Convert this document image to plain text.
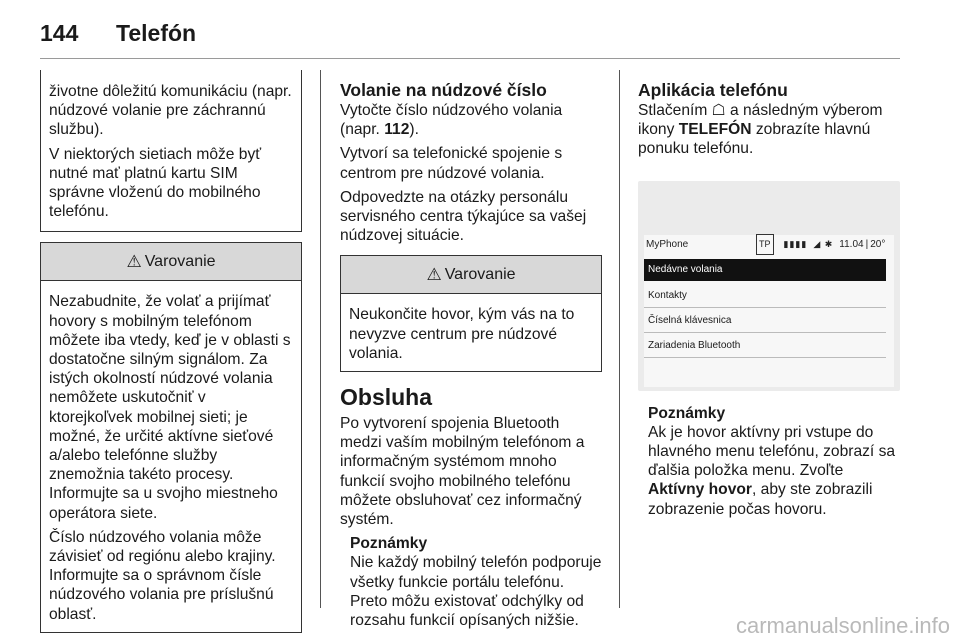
144	Telefón

životne dôležitú komunikáciu (napr. núdzové volanie pre záchrannú službu).

V niektorých sietiach môže byť nutné mať platnú kartu SIM správne vloženú do mobilného telefónu.

⚠ Varovanie

Nezabudnite, že volať a prijímať hovory s mobilným telefónom môžete iba vtedy, keď je v oblasti s dostatočne silným signálom. Za istých okolností núdzové volania nemôžete uskutočniť v ktorejkoľvek mobilnej sieti; je možné, že určité aktívne sieťové a/alebo telefónne služby znemožnia takéto procesy. Informujte sa u svojho miestneho operátora siete.

Číslo núdzového volania môže závisieť od regiónu alebo krajiny. Informujte sa o správnom čísle núdzového volania pre príslušnú oblasť.

Volanie na núdzové číslo

Vytočte číslo núdzového volania (napr. 112).

Vytvorí sa telefonické spojenie s centrom pre núdzové volania.

Odpovedzte na otázky personálu servisného centra týkajúce sa vašej núdzovej situácie.

⚠ Varovanie

Neukončite hovor, kým vás na to nevyzve centrum pre núdzové volania.

Obsluha

Po vytvorení spojenia Bluetooth medzi vaším mobilným telefónom a informačným systémom mnoho funkcií svojho mobilného telefónu môžete obsluhovať cez informačný systém.

Poznámky
Nie každý mobilný telefón podporuje všetky funkcie portálu telefónu. Preto môžu existovať odchýlky od rozsahu funkcií opísaných nižšie.
Aplikácia telefónu

Stlačením ☖ a následným výberom ikony TELEFÓN zobrazíte hlavnú ponuku telefónu.

MyPhone	TP	▮▮▮▮ ◢ ✱ 11.04 | 20°
Nedávne volania
Kontakty
Číselná klávesnica
Zariadenia Bluetooth
Poznámky
Ak je hovor aktívny pri vstupe do hlavného menu telefónu, zobrazí sa ďalšia položka menu. Zvoľte Aktívny hovor, aby ste zobrazili zobrazenie počas hovoru.
carmanualsonline.info
